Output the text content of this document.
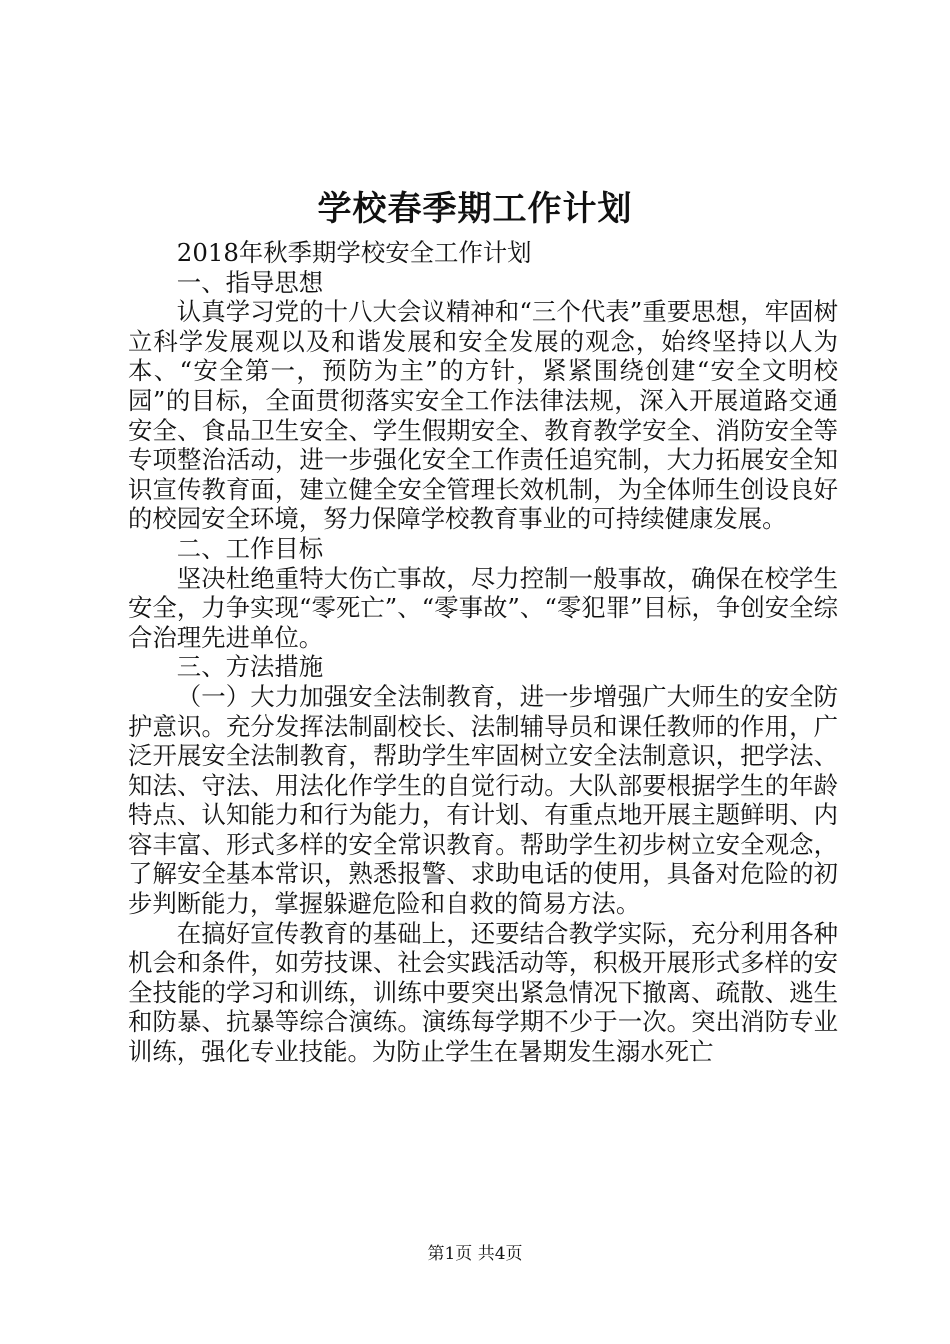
学校春季期工作计划

2018年秋季期学校安全工作计划

一、指导思想

认真学习党的十八大会议精神和“三个代表”重要思想，牢固树立科学发展观以及和谐发展和安全发展的观念，始终坚持以人为本、“安全第一，预防为主”的方针，紧紧围绕创建“安全文明校园”的目标，全面贯彻落实安全工作法律法规，深入开展道路交通安全、食品卫生安全、学生假期安全、教育教学安全、消防安全等专项整治活动，进一步强化安全工作责任追究制，大力拓展安全知识宣传教育面，建立健全安全管理长效机制，为全体师生创设良好的校园安全环境，努力保障学校教育事业的可持续健康发展。

二、工作目标

坚决杜绝重特大伤亡事故，尽力控制一般事故，确保在校学生安全，力争实现“零死亡”、“零事故”、“零犯罪”目标，争创安全综合治理先进单位。

三、方法措施

（一）大力加强安全法制教育，进一步增强广大师生的安全防护意识。充分发挥法制副校长、法制辅导员和课任教师的作用，广泛开展安全法制教育，帮助学生牢固树立安全法制意识，把学法、知法、守法、用法化作学生的自觉行动。大队部要根据学生的年龄特点、认知能力和行为能力，有计划、有重点地开展主题鲜明、内容丰富、形式多样的安全常识教育。帮助学生初步树立安全观念，了解安全基本常识，熟悉报警、求助电话的使用，具备对危险的初步判断能力，掌握躲避危险和自救的简易方法。

在搞好宣传教育的基础上，还要结合教学实际，充分利用各种机会和条件，如劳技课、社会实践活动等，积极开展形式多样的安全技能的学习和训练，训练中要突出紧急情况下撤离、疏散、逃生和防暴、抗暴等综合演练。演练每学期不少于一次。突出消防专业训练，强化专业技能。为防止学生在暑期发生溺水死亡

第1页 共4页
